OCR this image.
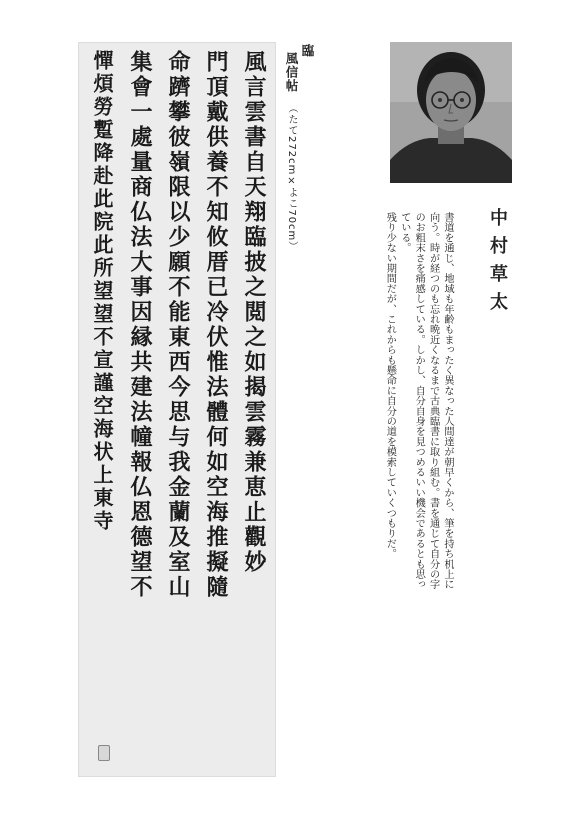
風言雲書自天翔臨披之閲之如揭雲霧兼恵止觀妙
門頂戴供養不知攸厝已冷伏惟法體何如空海推擬隨
命躋攀彼嶺限以少願不能東西今思与我金蘭及室山
集會一處量商仏法大事因縁共建法幢報仏恩德望不
憚煩勞蹔降赴此院此所望望不宣謹空海状上東寺	臨
風信帖 （たて272cm×よこ70cm）
中村草太

書道を通じ、地域も年齢もまったく異なった人間達が朝早くから、筆を持ち机上に向う。時が経つのも忘れ晩近くなるまで古典臨書に取り組む。書を通じて自分の字のお粗末さを痛感している。しかし、自分自身を見つめるいい機会であるとも思っている。

残り少ない期間だが、これからも懸命に自分の道を模索していくつもりだ。
